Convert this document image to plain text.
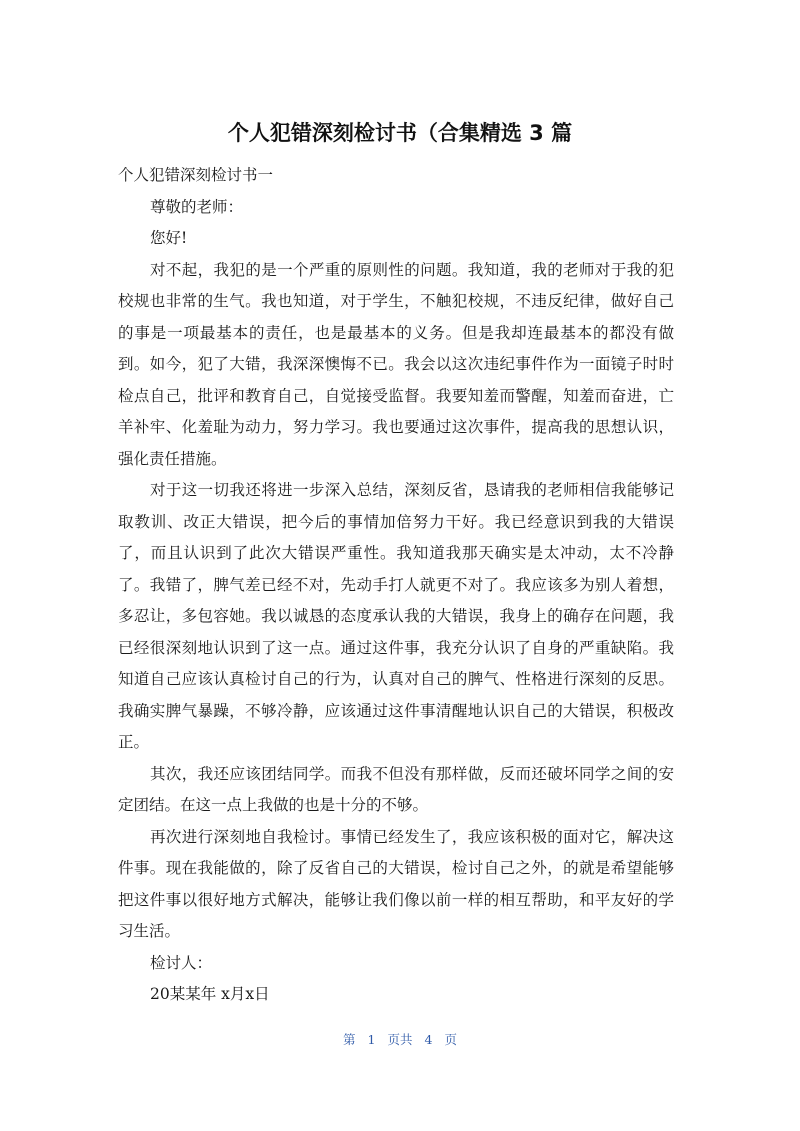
个人犯错深刻检讨书（合集精选 3 篇

个人犯错深刻检讨书一

尊敬的老师：

您好!

对不起，我犯的是一个严重的原则性的问题。我知道，我的老师对于我的犯校规也非常的生气。我也知道，对于学生，不触犯校规，不违反纪律，做好自己的事是一项最基本的责任，也是最基本的义务。但是我却连最基本的都没有做到。如今，犯了大错，我深深懊悔不已。我会以这次违纪事件作为一面镜子时时检点自己，批评和教育自己，自觉接受监督。我要知羞而警醒，知羞而奋进，亡羊补牢、化羞耻为动力，努力学习。我也要通过这次事件，提高我的思想认识，强化责任措施。

对于这一切我还将进一步深入总结，深刻反省，恳请我的老师相信我能够记取教训、改正大错误，把今后的事情加倍努力干好。我已经意识到我的大错误了，而且认识到了此次大错误严重性。我知道我那天确实是太冲动，太不冷静了。我错了，脾气差已经不对，先动手打人就更不对了。我应该多为别人着想，多忍让，多包容她。我以诚恳的态度承认我的大错误，我身上的确存在问题，我已经很深刻地认识到了这一点。通过这件事，我充分认识了自身的严重缺陷。我知道自己应该认真检讨自己的行为，认真对自己的脾气、性格进行深刻的反思。我确实脾气暴躁，不够冷静，应该通过这件事清醒地认识自己的大错误，积极改正。

其次，我还应该团结同学。而我不但没有那样做，反而还破坏同学之间的安定团结。在这一点上我做的也是十分的不够。

再次进行深刻地自我检讨。事情已经发生了，我应该积极的面对它，解决这件事。现在我能做的，除了反省自己的大错误，检讨自己之外，的就是希望能够把这件事以很好地方式解决，能够让我们像以前一样的相互帮助，和平友好的学习生活。

检讨人：

20某某年 x月x日

第 1 页共 4 页
